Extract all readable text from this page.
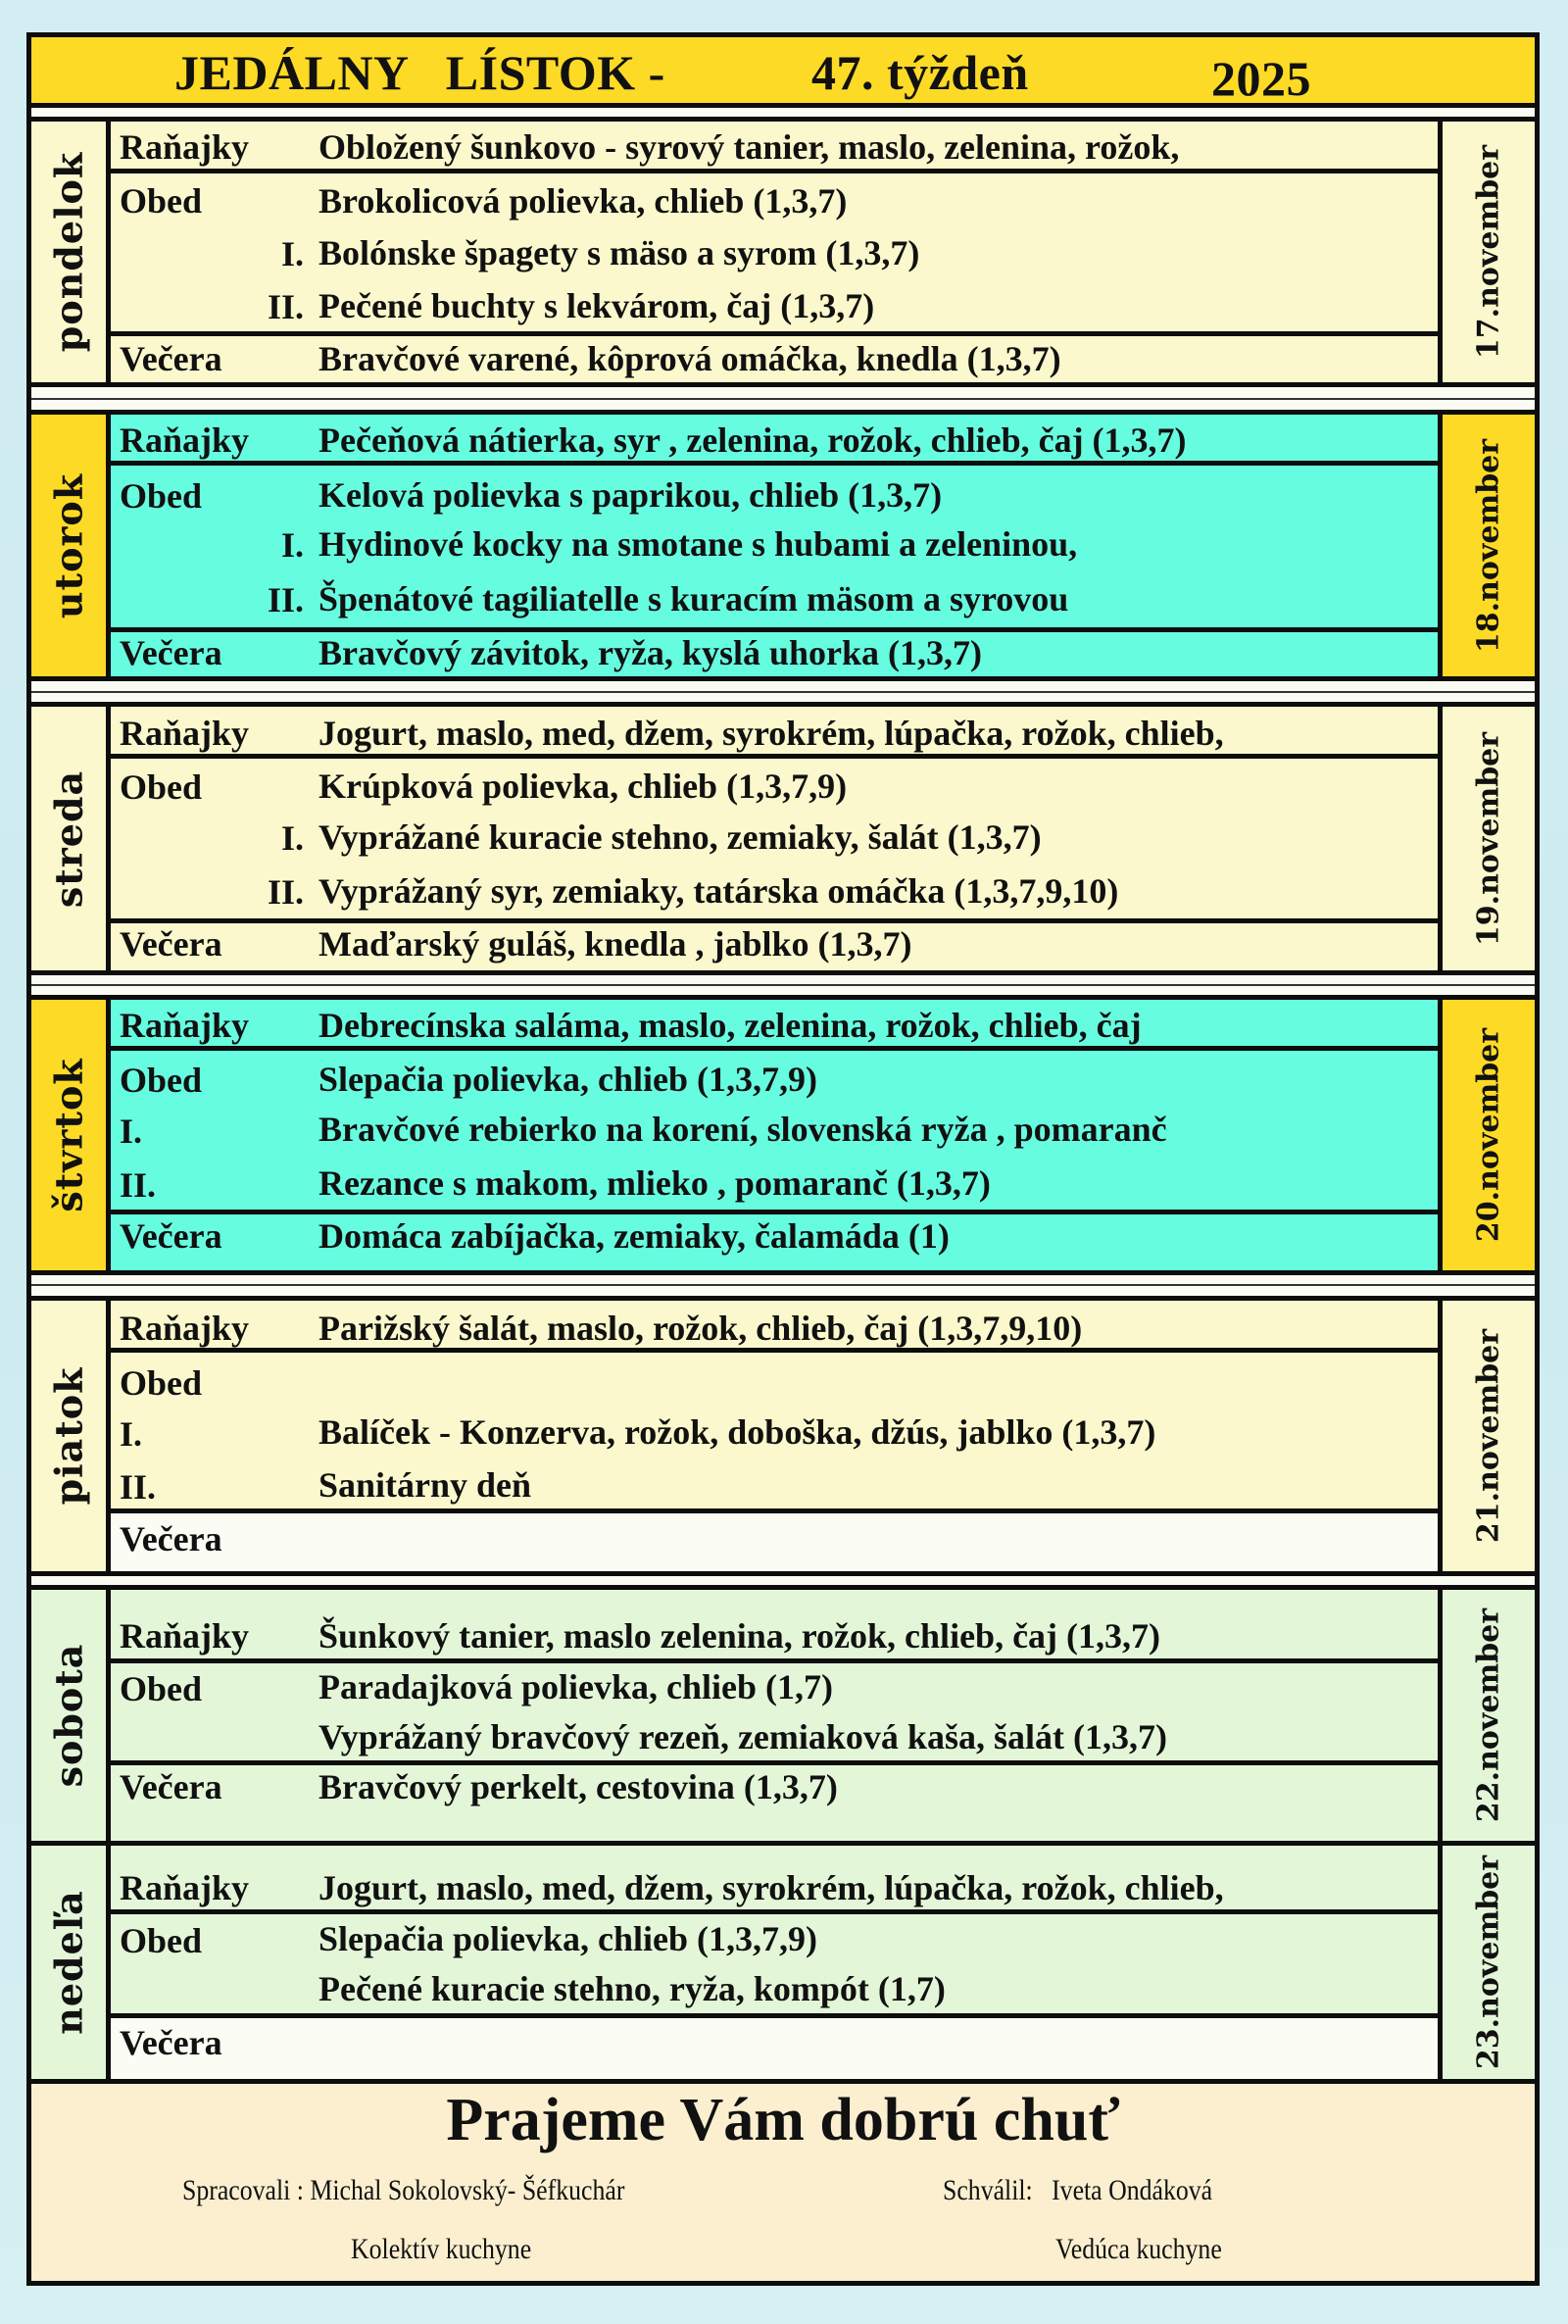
JEDÁLNY   LÍSTOK -	47. týždeň	2025
pondelok
Raňajky Obložený šunkovo - syrový tanier, maslo, zelenina, rožok,
Obed	Brokolicová polievka, chlieb (1,3,7)
I. Bolónske špagety s mäso a syrom (1,3,7)
II. Pečené buchty s lekvárom, čaj (1,3,7)
Večera	Bravčové varené, kôprová omáčka, knedla (1,3,7)	17.november
utorok
Raňajky Pečeňová nátierka, syr , zelenina, rožok, chlieb, čaj (1,3,7)
Obed	Kelová polievka s paprikou, chlieb (1,3,7)
I. Hydinové kocky na smotane s hubami a zeleninou,
II. Špenátové tagiliatelle s kuracím mäsom a syrovou
Večera	Bravčový závitok, ryža, kyslá uhorka (1,3,7)
18.november
streda
Raňajky Jogurt, maslo, med, džem, syrokrém, lúpačka, rožok, chlieb,
Obed	Krúpková polievka, chlieb (1,3,7,9)
I. Vyprážané kuracie stehno, zemiaky, šalát (1,3,7)
II. Vyprážaný syr, zemiaky, tatárska omáčka (1,3,7,9,10)
Večera	Maďarský guláš, knedla , jablko (1,3,7)	19.november
štvrtok
Raňajky Debrecínska saláma, maslo, zelenina, rožok, chlieb, čaj
Obed	Slepačia polievka, chlieb (1,3,7,9)
I.	Bravčové rebierko na korení, slovenská ryža , pomaranč
II.	Rezance s makom, mlieko , pomaranč (1,3,7)
Večera	Domáca zabíjačka, zemiaky, čalamáda (1)	20.november
piatok
Raňajky Parižský šalát, maslo, rožok, chlieb, čaj (1,3,7,9,10)
Obed
I.	Balíček - Konzerva, rožok, doboška, džús, jablko (1,3,7)
II.	Sanitárny deň
Večera	21.november
sobota
Raňajky Šunkový tanier, maslo zelenina, rožok, chlieb, čaj (1,3,7)
Obed	Paradajková polievka, chlieb (1,7)
Vyprážaný bravčový rezeň, zemiaková kaša, šalát (1,3,7)
Večera	Bravčový perkelt, cestovina (1,3,7)	22.november
nedeľa
Raňajky Jogurt, maslo, med, džem, syrokrém, lúpačka, rožok, chlieb,
Obed	Slepačia polievka, chlieb (1,3,7,9)
Pečené kuracie stehno, ryža, kompót (1,7)
Večera	23.november
Prajeme Vám dobrú chuť
Spracovali : Michal Sokolovský- Šéfkuchár	Schválil:   Iveta Ondáková
Kolektív kuchyne	Vedúca kuchyne
